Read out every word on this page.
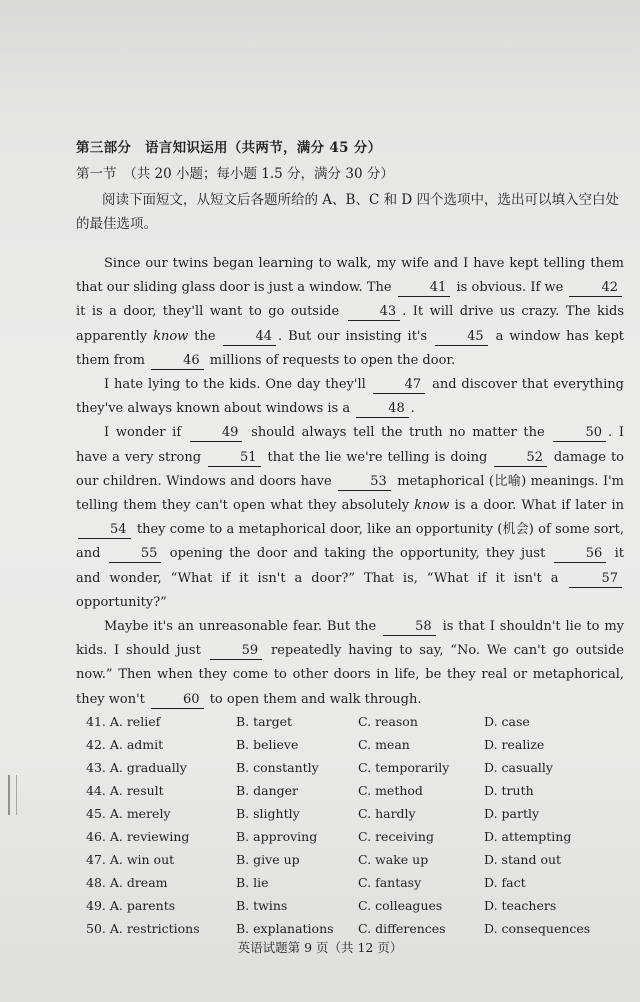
第三部分　语言知识运用（共两节，满分 45 分）
第一节　（共 20 小题；每小题 1.5 分，满分 30 分）
阅读下面短文，从短文后各题所给的 A、B、C 和 D 四个选项中，选出可以填入空白处的最佳选项。

Since our twins began learning to walk, my wife and I have kept telling them that our sliding glass door is just a window. The	41 is obvious. If we	42 it is a door, they'll want to go outside	43 . It will drive us crazy. The kids apparently know the	44 . But our insisting it's	45 a window has kept them from	46 millions of requests to open the door.

I hate lying to the kids. One day they'll	47 and discover that everything they've always known about windows is a	48 .

I wonder if	49 should always tell the truth no matter the	50 . I have a very strong	51 that the lie we're telling is doing	52 damage to our children. Windows and doors have	53 metaphorical (比喻) meanings. I'm telling them they can't open what they absolutely know is a door. What if later in 54 they come to a metaphorical door, like an opportunity (机会) of some sort, and	55 opening the door and taking the opportunity, they just	56 it and wonder, “What if it isn't a door?” That is, “What if it isn't a	57 opportunity?”

Maybe it's an unreasonable fear. But the	58 is that I shouldn't lie to my kids. I should just	59 repeatedly having to say, “No. We can't go outside now.” Then when they come to other doors in life, be they real or metaphorical, they won't	60 to open them and walk through.

41. A. relief	B. target	C. reason	D. case
42. A. admit	B. believe	C. mean	D. realize
43. A. gradually	B. constantly	C. temporarily	D. casually
44. A. result	B. danger	C. method	D. truth
45. A. merely	B. slightly	C. hardly	D. partly
46. A. reviewing	B. approving	C. receiving	D. attempting
47. A. win out	B. give up	C. wake up	D. stand out
48. A. dream	B. lie	C. fantasy	D. fact
49. A. parents	B. twins	C. colleagues	D. teachers
50. A. restrictions	B. explanations	C. differences	D. consequences
英语试题第 9 页（共 12 页）
